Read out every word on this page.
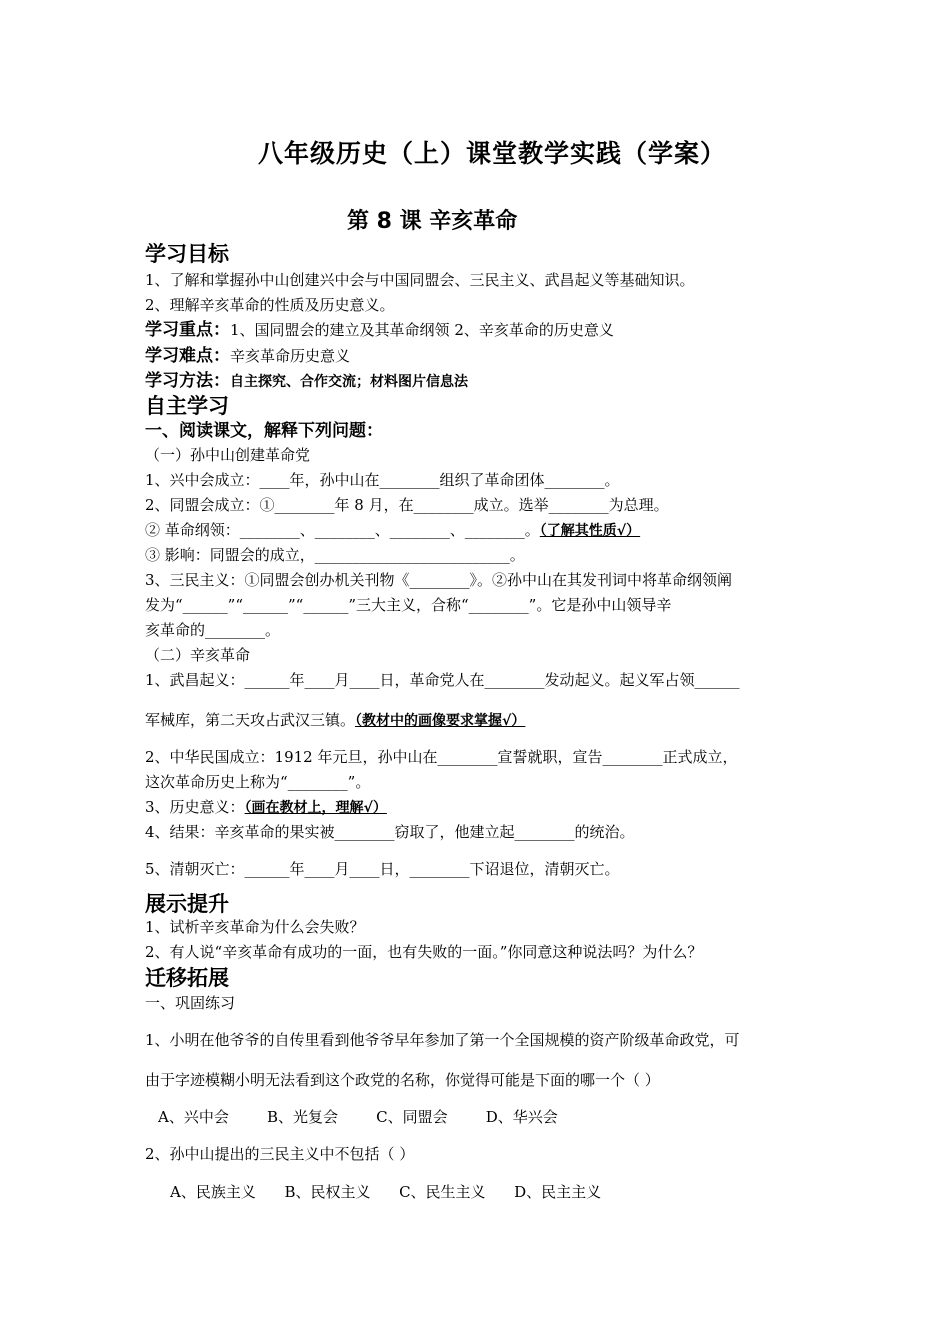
八年级历史（上）课堂教学实践（学案）
第 8 课 辛亥革命
学习目标
1、了解和掌握孙中山创建兴中会与中国同盟会、三民主义、武昌起义等基础知识。
2、理解辛亥革命的性质及历史意义。
学习重点：1、国同盟会的建立及其革命纲领 2、辛亥革命的历史意义
学习难点：辛亥革命历史意义
学习方法：自主探究、合作交流；材料图片信息法
自主学习
一、阅读课文，解释下列问题：
（一）孙中山创建革命党
1、兴中会成立：____年，孙中山在________组织了革命团体________。
2、同盟会成立：①________年 8 月，在________成立。选举________为总理。
② 革命纲领：________、________、________、________。（了解其性质√）
③ 影响：同盟会的成立，__________________________。
3、三民主义：①同盟会创办机关刊物《________》。②孙中山在其发刊词中将革命纲领阐
发为“______”“______”“______”三大主义，合称“________”。它是孙中山领导辛
亥革命的________。
（二）辛亥革命
1、武昌起义：______年____月____日，革命党人在________发动起义。起义军占领______
军械库，第二天攻占武汉三镇。（教材中的画像要求掌握√）
2、中华民国成立：1912 年元旦，孙中山在________宣誓就职，宣告________正式成立，
这次革命历史上称为“________”。
3、历史意义：（画在教材上，理解√）
4、结果：辛亥革命的果实被________窃取了，他建立起________的统治。
5、清朝灭亡：______年____月____日，________下诏退位，清朝灭亡。
展示提升
1、试析辛亥革命为什么会失败？
2、有人说“辛亥革命有成功的一面，也有失败的一面。”你同意这种说法吗？为什么？
迁移拓展
一、巩固练习
1、小明在他爷爷的自传里看到他爷爷早年参加了第一个全国规模的资产阶级革命政党，可
由于字迹模糊小明无法看到这个政党的名称，你觉得可能是下面的哪一个（ ）
A、兴中会        B、光复会        C、同盟会        D、华兴会
2、孙中山提出的三民主义中不包括（ ）
A、民族主义      B、民权主义      C、民生主义      D、民主主义
